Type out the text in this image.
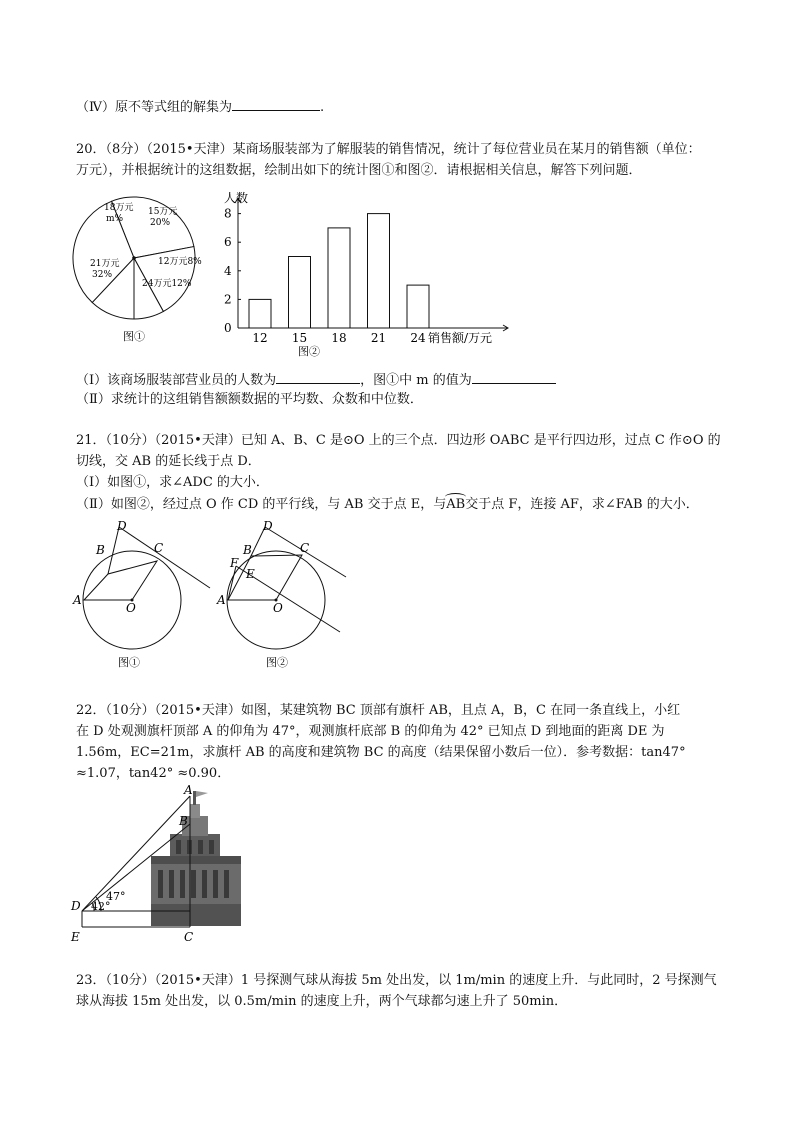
（Ⅳ）原不等式组的解集为	.
20．（8分）（2015•天津）某商场服装部为了解服装的销售情况，统计了每位营业员在某月的销售额（单位：
万元），并根据统计的这组数据，绘制出如下的统计图①和图②．请根据相关信息，解答下列问题．
18万元
m%
15万元
20%
12万元8%
24万元12%
21万元
32%
图①
0
2
4
6
8
12 15 18 21 24
人数
销售额/万元
图②
（Ⅰ）该商场服装部营业员的人数为	，图①中 m 的值为
（Ⅱ）求统计的这组销售额额数据的平均数、众数和中位数．
21．（10分）（2015•天津）已知 A、B、C 是⊙O 上的三个点．四边形 OABC 是平行四边形，过点 C 作⊙O 的
切线，交 AB 的延长线于点 D．
（Ⅰ）如图①，求∠ADC 的大小．
（Ⅱ）如图②，经过点 O 作 CD 的平行线，与 AB 交于点 E，与
AB交于点 F，连接 AF，求∠FAB 的大小．
D
B	C
A
O
图①
D
B
F
E
C
A
O
图②
22．（10分）（2015•天津）如图，某建筑物 BC 顶部有旗杆 AB，且点 A，B，C 在同一条直线上，小红
在 D 处观测旗杆顶部 A 的仰角为 47°，观测旗杆底部 B 的仰角为 42° 已知点 D 到地面的距离 DE 为
1.56m，EC=21m，求旗杆 AB 的高度和建筑物 BC 的高度（结果保留小数后一位）．参考数据：tan47°
≈1.07，tan42° ≈0.90．
A
B
C
D
E
47°
42°
23．（10分）（2015•天津）1 号探测气球从海拔 5m 处出发，以 1m/min 的速度上升．与此同时，2 号探测气
球从海拔 15m 处出发，以 0.5m/min 的速度上升，两个气球都匀速上升了 50min．
